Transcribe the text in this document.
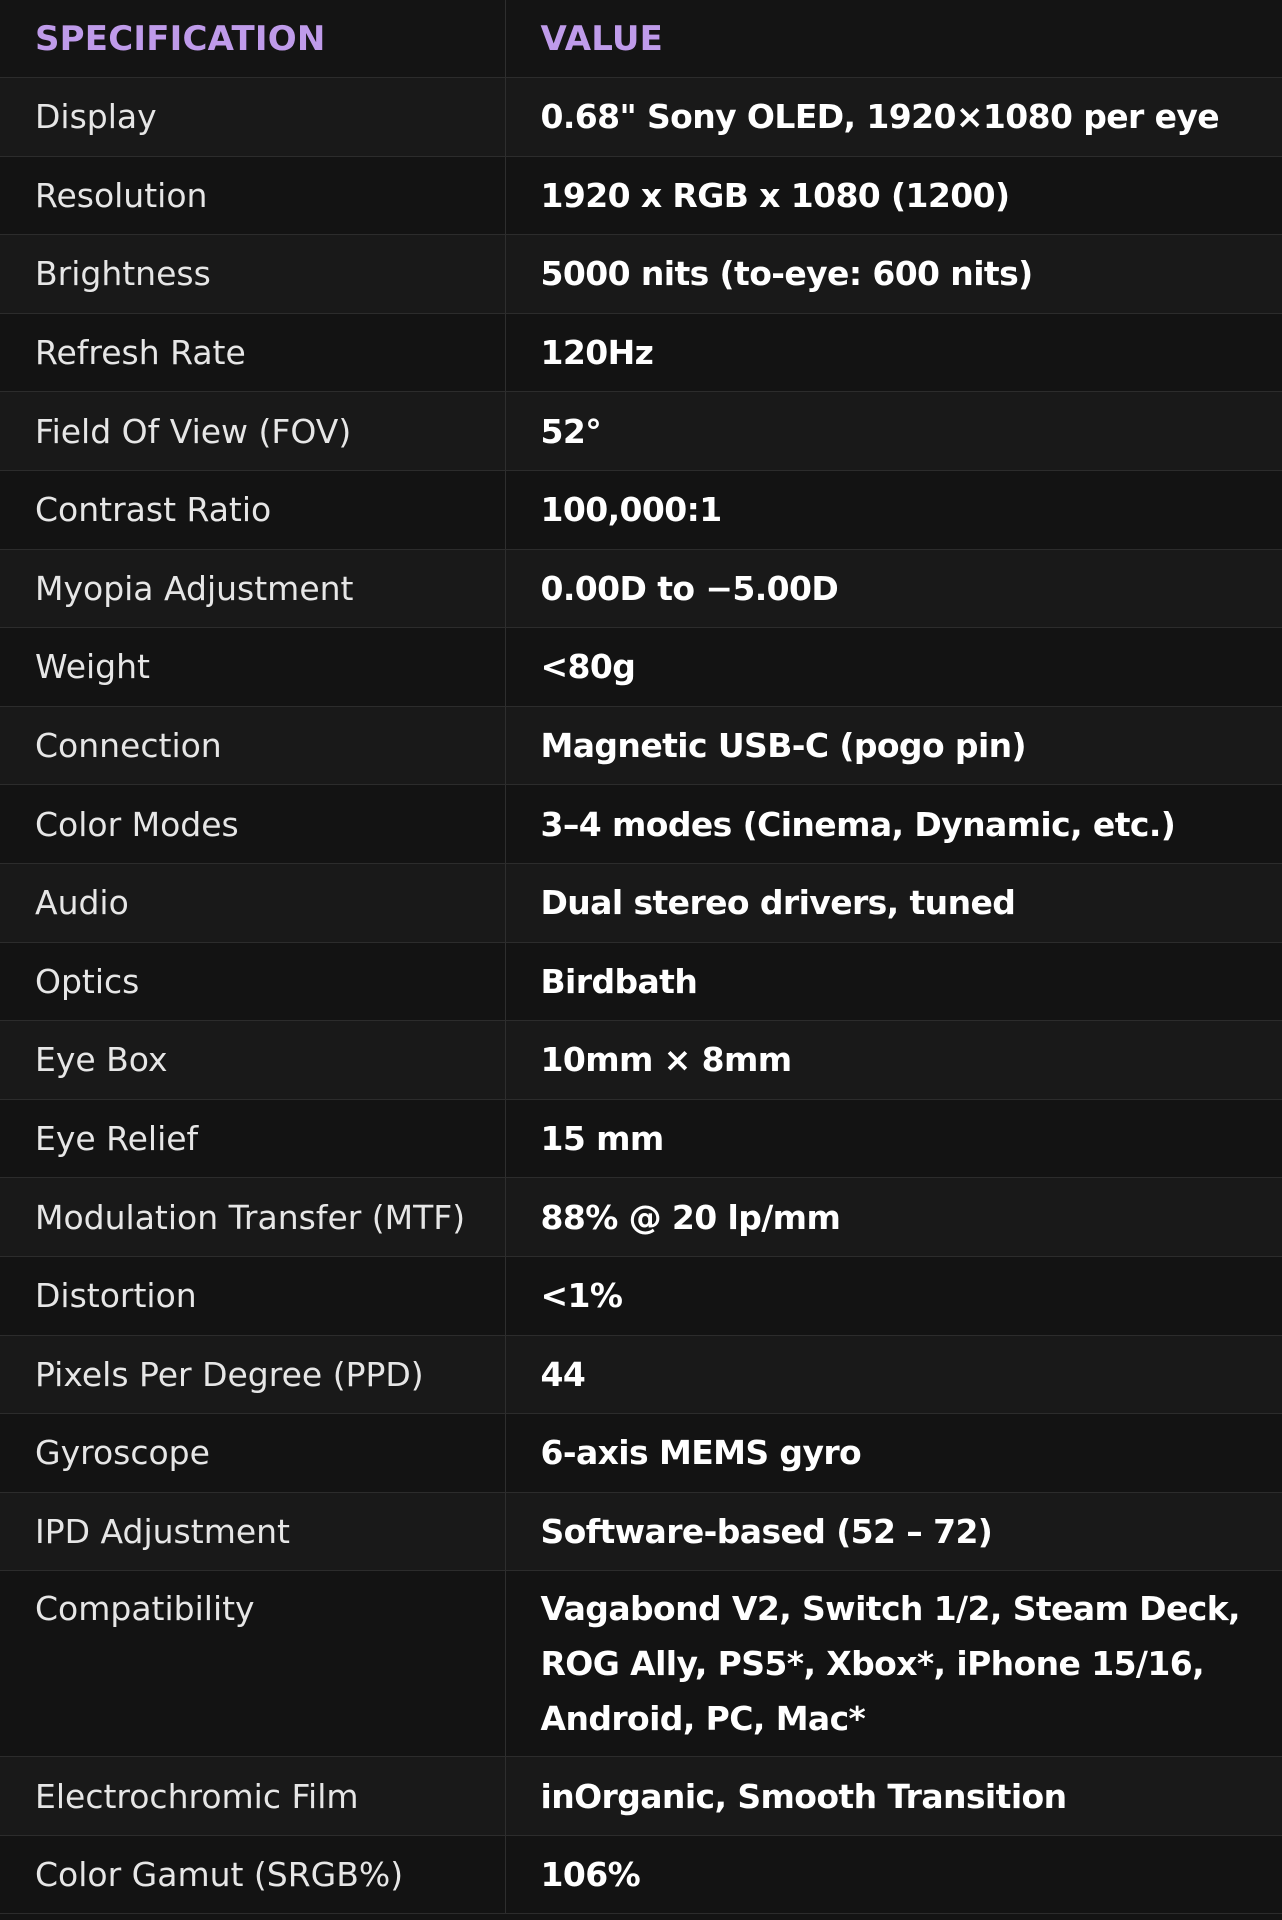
SPECIFICATION	VALUE
Display	0.68" Sony OLED, 1920×1080 per eye
Resolution	1920 x RGB x 1080 (1200)
Brightness	5000 nits (to-eye: 600 nits)
Refresh Rate	120Hz
Field Of View (FOV)	52°
Contrast Ratio	100,000:1
Myopia Adjustment	0.00D to −5.00D
Weight	<80g
Connection	Magnetic USB-C (pogo pin)
Color Modes	3–4 modes (Cinema, Dynamic, etc.)
Audio	Dual stereo drivers, tuned
Optics	Birdbath
Eye Box	10mm × 8mm
Eye Relief	15 mm
Modulation Transfer (MTF)	88% @ 20 lp/mm
Distortion	<1%
Pixels Per Degree (PPD)	44
Gyroscope	6-axis MEMS gyro
IPD Adjustment	Software-based (52 – 72)
Compatibility	Vagabond V2, Switch 1/2, Steam Deck, ROG Ally, PS5*, Xbox*, iPhone 15/16, Android, PC, Mac*
Electrochromic Film	inOrganic, Smooth Transition
Color Gamut (SRGB%)	106%
